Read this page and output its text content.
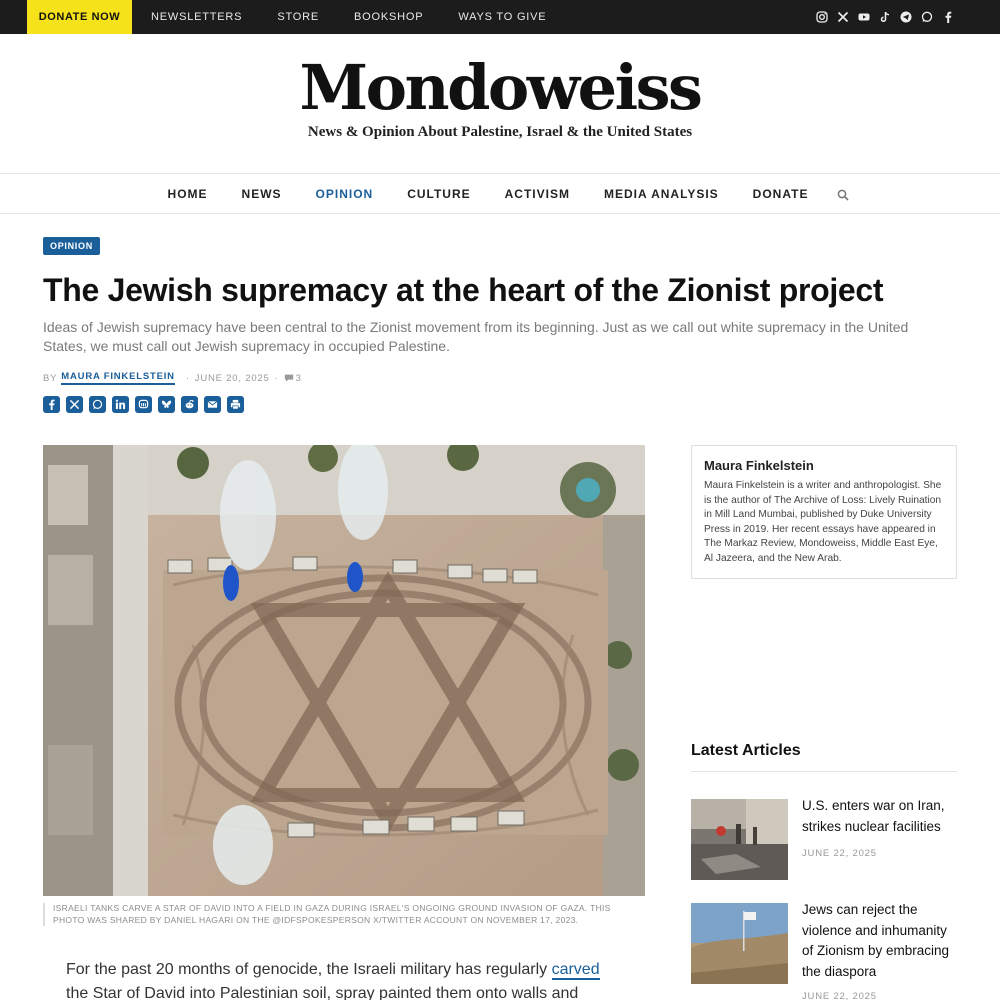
DONATE NOW	NEWSLETTERS	STORE	BOOKSHOP	WAYS TO GIVE
Mondoweiss
News & Opinion About Palestine, Israel & the United States
HOME	NEWS	OPINION	CULTURE	ACTIVISM	MEDIA ANALYSIS	DONATE
OPINION
The Jewish supremacy at the heart of the Zionist project

Ideas of Jewish supremacy have been central to the Zionist movement from its beginning. Just as we call out white supremacy in the United States, we must call out Jewish supremacy in occupied Palestine.

BY MAURA FINKELSTEIN · JUNE 20, 2025 · 3
ISRAELI TANKS CARVE A STAR OF DAVID INTO A FIELD IN GAZA DURING ISRAEL'S ONGOING GROUND INVASION OF GAZA. THIS PHOTO WAS SHARED BY DANIEL HAGARI ON THE @IDFSPOKESPERSON X/TWITTER ACCOUNT ON NOVEMBER 17, 2023.
For the past 20 months of genocide, the Israeli military has regularly carved the Star of David into Palestinian soil, spray painted them onto walls and
Maura Finkelstein
Maura Finkelstein is a writer and anthropologist. She is the author of The Archive of Loss: Lively Ruination in Mill Land Mumbai, published by Duke University Press in 2019. Her recent essays have appeared in The Markaz Review, Mondoweiss, Middle East Eye, Al Jazeera, and the New Arab.
Latest Articles
U.S. enters war on Iran, strikes nuclear facilities
JUNE 22, 2025
Jews can reject the violence and inhumanity of Zionism by embracing the diaspora
JUNE 22, 2025
